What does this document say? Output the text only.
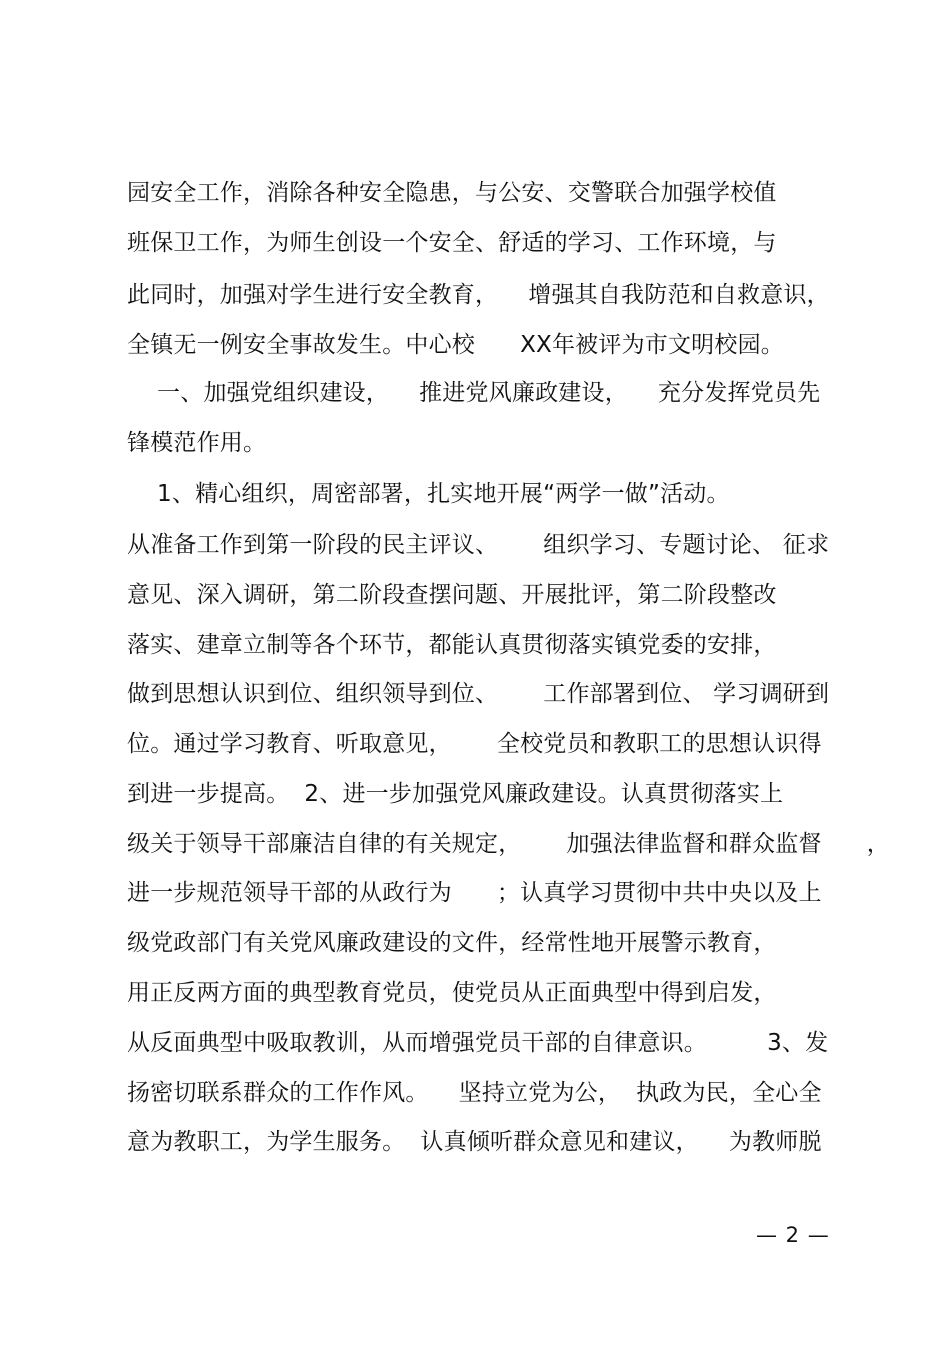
园安全工作，消除各种安全隐患，与公安、交警联合加强学校值
班保卫工作，为师生创设一个安全、舒适的学习、工作环境，与
此同时，加强对学生进行安全教育，    增强其自我防范和自救意识，
全镇无一例安全事故发生。中心校      XX年被评为市文明校园。
一、加强党组织建设，    推进党风廉政建设，    充分发挥党员先
锋模范作用。
1、精心组织，周密部署，扎实地开展“两学一做”活动。
从准备工作到第一阶段的民主评议、      组织学习、专题讨论、 征求
意见、深入调研，第二阶段查摆问题、开展批评，第二阶段整改
落实、建章立制等各个环节，都能认真贯彻落实镇党委的安排，
做到思想认识到位、组织领导到位、      工作部署到位、 学习调研到
位。通过学习教育、听取意见，      全校党员和教职工的思想认识得
到进一步提高。  2、进一步加强党风廉政建设。认真贯彻落实上
级关于领导干部廉洁自律的有关规定，      加强法律监督和群众监督      ，
进一步规范领导干部的从政行为      ；认真学习贯彻中共中央以及上
级党政部门有关党风廉政建设的文件，经常性地开展警示教育，
用正反两方面的典型教育党员，使党员从正面典型中得到启发，
从反面典型中吸取教训，从而增强党员干部的自律意识。        3、发
扬密切联系群众的工作作风。    坚持立党为公，  执政为民，全心全
意为教职工，为学生服务。  认真倾听群众意见和建议，    为教师脱
— 2 —
